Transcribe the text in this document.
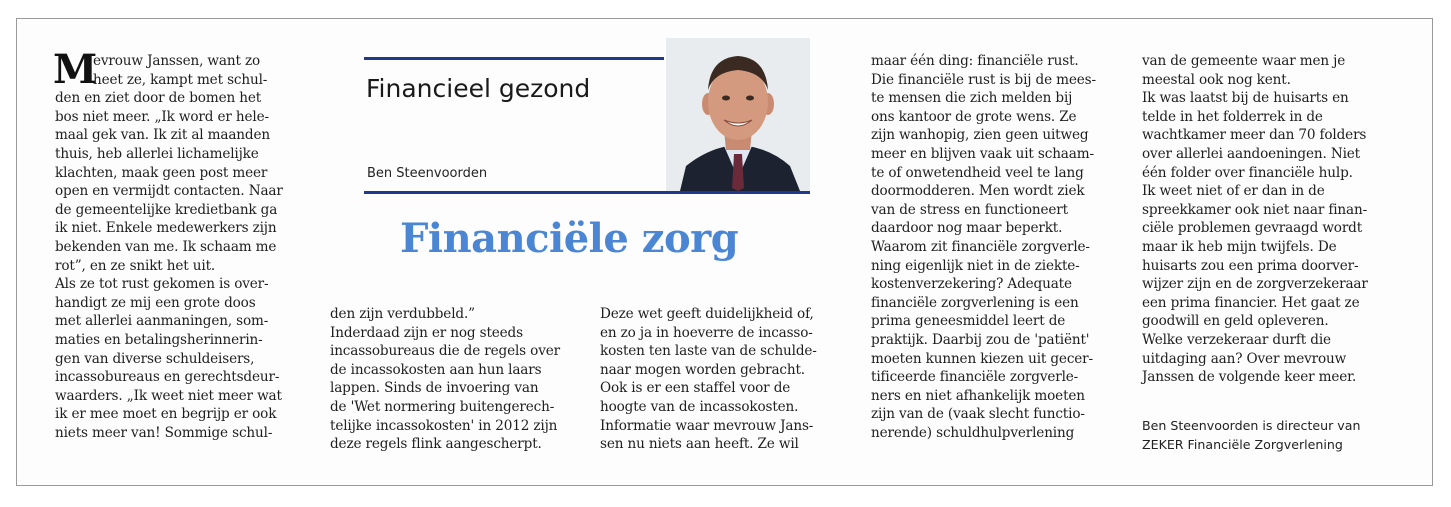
M

evrouw Janssen, want zo

heet ze, kampt met schul-

den en ziet door de bomen het

bos niet meer. „Ik word er hele-

maal gek van. Ik zit al maanden

thuis, heb allerlei lichamelijke

klachten, maak geen post meer

open en vermijdt contacten. Naar

de gemeentelijke kredietbank ga

ik niet. Enkele medewerkers zijn

bekenden van me. Ik schaam me

rot”, en ze snikt het uit.

Als ze tot rust gekomen is over-

handigt ze mij een grote doos

met allerlei aanmaningen, som-

maties en betalingsherinnerin-

gen van diverse schuldeisers,

incassobureaus en gerechtsdeur-

waarders. „Ik weet niet meer wat

ik er mee moet en begrijp er ook

niets meer van! Sommige schul-

Financieel gezond
Ben Steenvoorden
Financiële zorg

den zijn verdubbeld.”

Inderdaad zijn er nog steeds

incassobureaus die de regels over

de incassokosten aan hun laars

lappen. Sinds de invoering van

de 'Wet normering buitengerech-

telijke incassokosten' in 2012 zijn

deze regels flink aangescherpt.

Deze wet geeft duidelijkheid of,

en zo ja in hoeverre de incasso-

kosten ten laste van de schulde-

naar mogen worden gebracht.

Ook is er een staffel voor de

hoogte van de incassokosten.

Informatie waar mevrouw Jans-

sen nu niets aan heeft. Ze wil

maar één ding: financiële rust.

Die financiële rust is bij de mees-

te mensen die zich melden bij

ons kantoor de grote wens. Ze

zijn wanhopig, zien geen uitweg

meer en blijven vaak uit schaam-

te of onwetendheid veel te lang

doormodderen. Men wordt ziek

van de stress en functioneert

daardoor nog maar beperkt.

Waarom zit financiële zorgverle-

ning eigenlijk niet in de ziekte-

kostenverzekering? Adequate

financiële zorgverlening is een

prima geneesmiddel leert de

praktijk. Daarbij zou de 'patiënt'

moeten kunnen kiezen uit gecer-

tificeerde financiële zorgverle-

ners en niet afhankelijk moeten

zijn van de (vaak slecht functio-

nerende) schuldhulpverlening

van de gemeente waar men je

meestal ook nog kent.

Ik was laatst bij de huisarts en

telde in het folderrek in de

wachtkamer meer dan 70 folders

over allerlei aandoeningen. Niet

één folder over financiële hulp.

Ik weet niet of er dan in de

spreekkamer ook niet naar finan-

ciële problemen gevraagd wordt

maar ik heb mijn twijfels. De

huisarts zou een prima doorver-

wijzer zijn en de zorgverzekeraar

een prima financier. Het gaat ze

goodwill en geld opleveren.

Welke verzekeraar durft die

uitdaging aan? Over mevrouw

Janssen de volgende keer meer.

Ben Steenvoorden is directeur van

ZEKER Financiële Zorgverlening
